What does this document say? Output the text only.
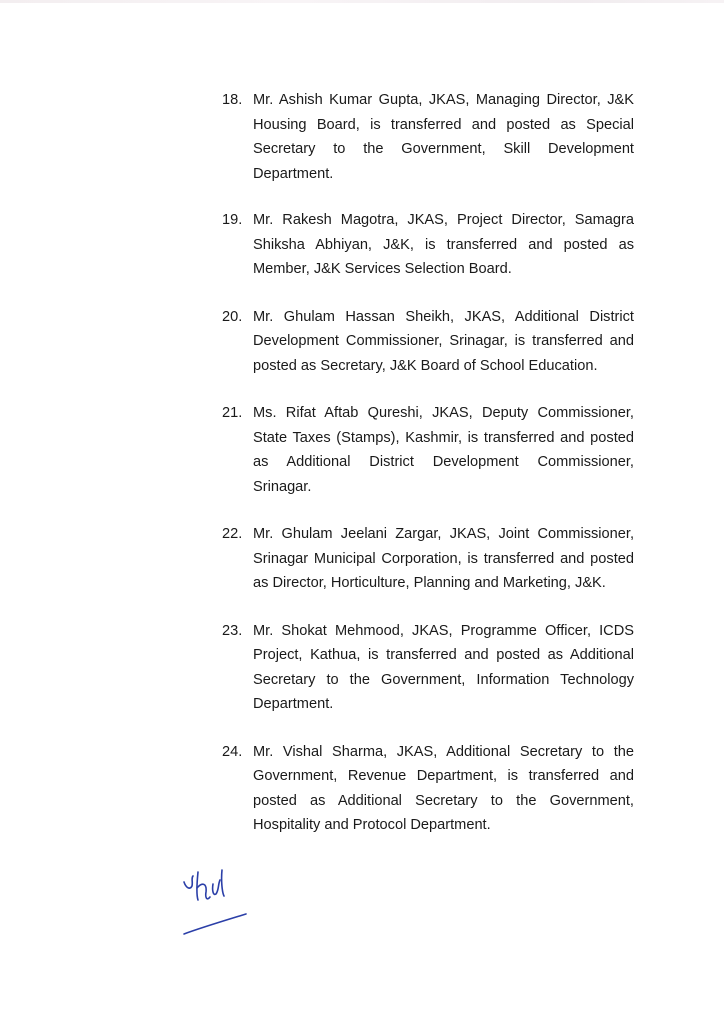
18. Mr. Ashish Kumar Gupta, JKAS, Managing Director, J&K Housing Board, is transferred and posted as Special Secretary to the Government, Skill Development Department.
19. Mr. Rakesh Magotra, JKAS, Project Director, Samagra Shiksha Abhiyan, J&K, is transferred and posted as Member, J&K Services Selection Board.
20. Mr. Ghulam Hassan Sheikh, JKAS, Additional District Development Commissioner, Srinagar, is transferred and posted as Secretary, J&K Board of School Education.
21. Ms. Rifat Aftab Qureshi, JKAS, Deputy Commissioner, State Taxes (Stamps), Kashmir, is transferred and posted as Additional District Development Commissioner, Srinagar.
22. Mr. Ghulam Jeelani Zargar, JKAS, Joint Commissioner, Srinagar Municipal Corporation, is transferred and posted as Director, Horticulture, Planning and Marketing, J&K.
23. Mr. Shokat Mehmood, JKAS, Programme Officer, ICDS Project, Kathua, is transferred and posted as Additional Secretary to the Government, Information Technology Department.
24. Mr. Vishal Sharma, JKAS, Additional Secretary to the Government, Revenue Department, is transferred and posted as Additional Secretary to the Government, Hospitality and Protocol Department.
